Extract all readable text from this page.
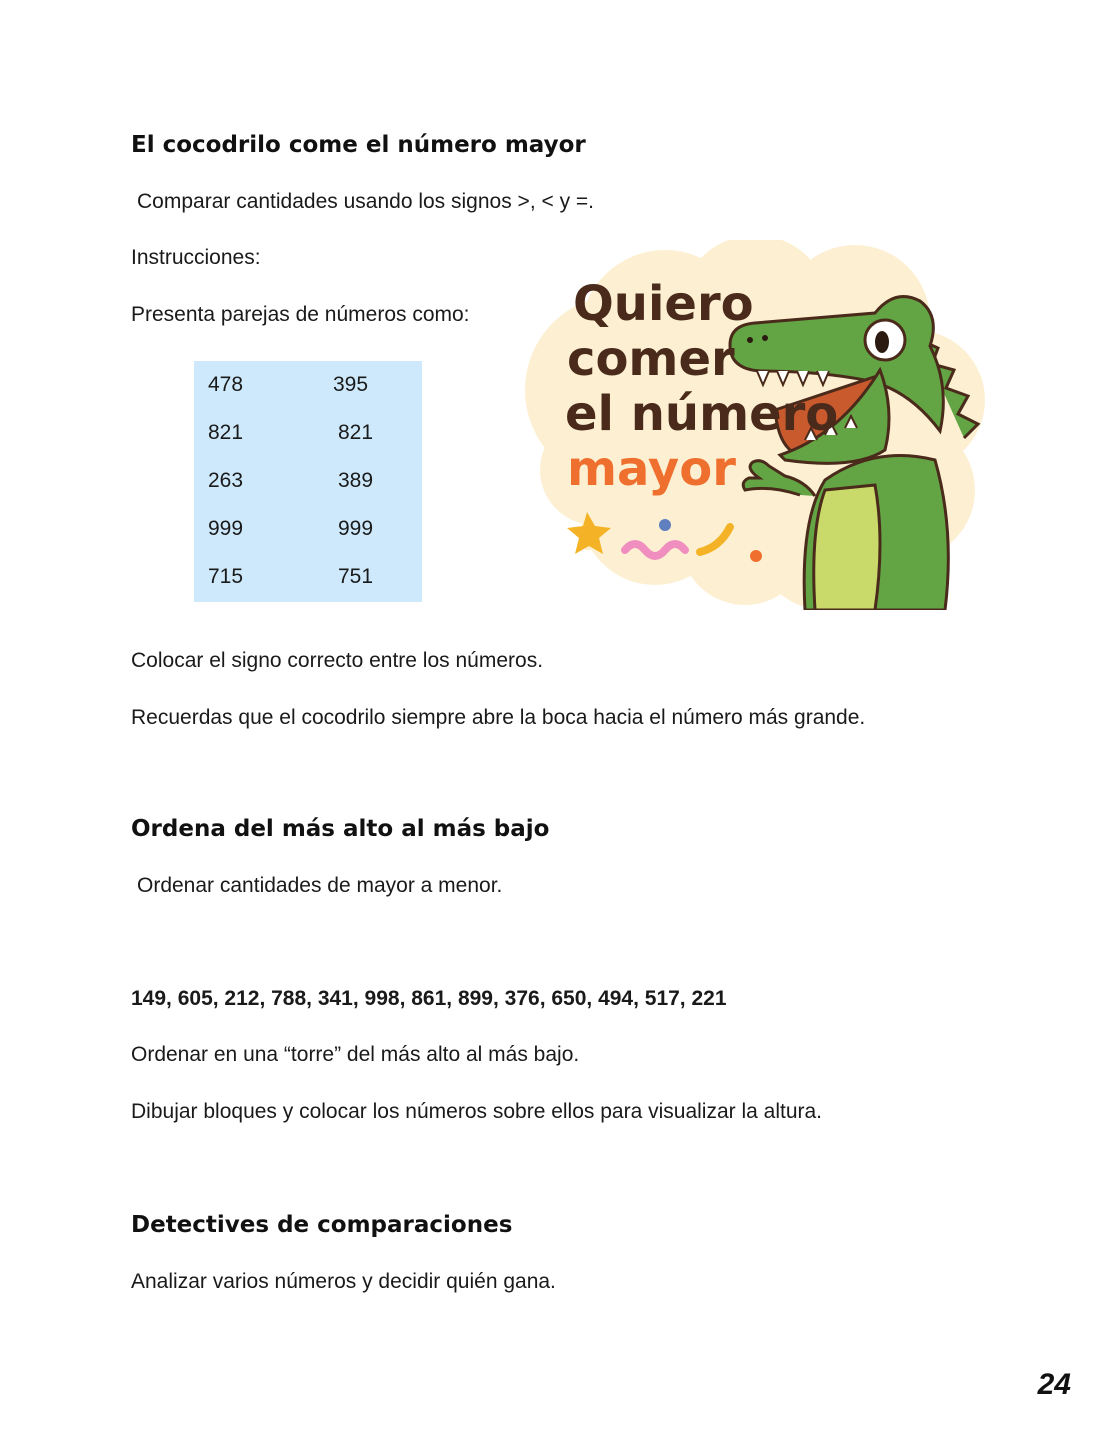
El cocodrilo come el número mayor
Comparar cantidades usando los signos >, < y =.
Instrucciones:
Presenta parejas de números como:
478	395
821	821
263	389
999	999
715	751
Quiero
comer
el número
mayor
Colocar el signo correcto entre los números.
Recuerdas que el cocodrilo siempre abre la boca hacia el número más grande.
Ordena del más alto al más bajo
Ordenar cantidades de mayor a menor.
149, 605, 212, 788, 341, 998, 861, 899, 376, 650, 494, 517, 221
Ordenar en una “torre” del más alto al más bajo.
Dibujar bloques y colocar los números sobre ellos para visualizar la altura.
Detectives de comparaciones
Analizar varios números y decidir quién gana.
24
